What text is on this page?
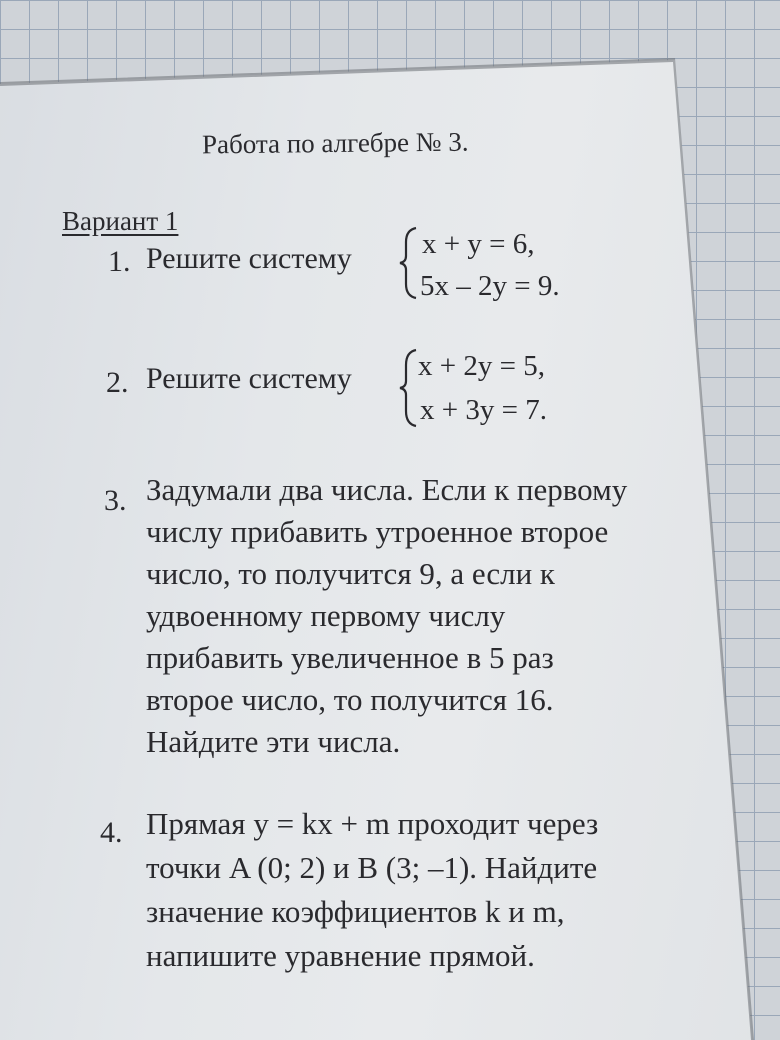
Работа по алгебре № 3.
Вариант 1
1. Решите систему x + y = 6,
5x – 2y = 9.
2. Решите систему x + 2y = 5,
x + 3y = 7.
3. Задумали два числа. Если к первому
числу прибавить утроенное второе
число, то получится 9, а если к
удвоенному первому числу
прибавить увеличенное в 5 раз
второе число, то получится 16.
Найдите эти числа.
4. Прямая y = kx + m проходит через
точки A (0; 2) и B (3; –1). Найдите
значение коэффициентов k и m,
напишите уравнение прямой.
